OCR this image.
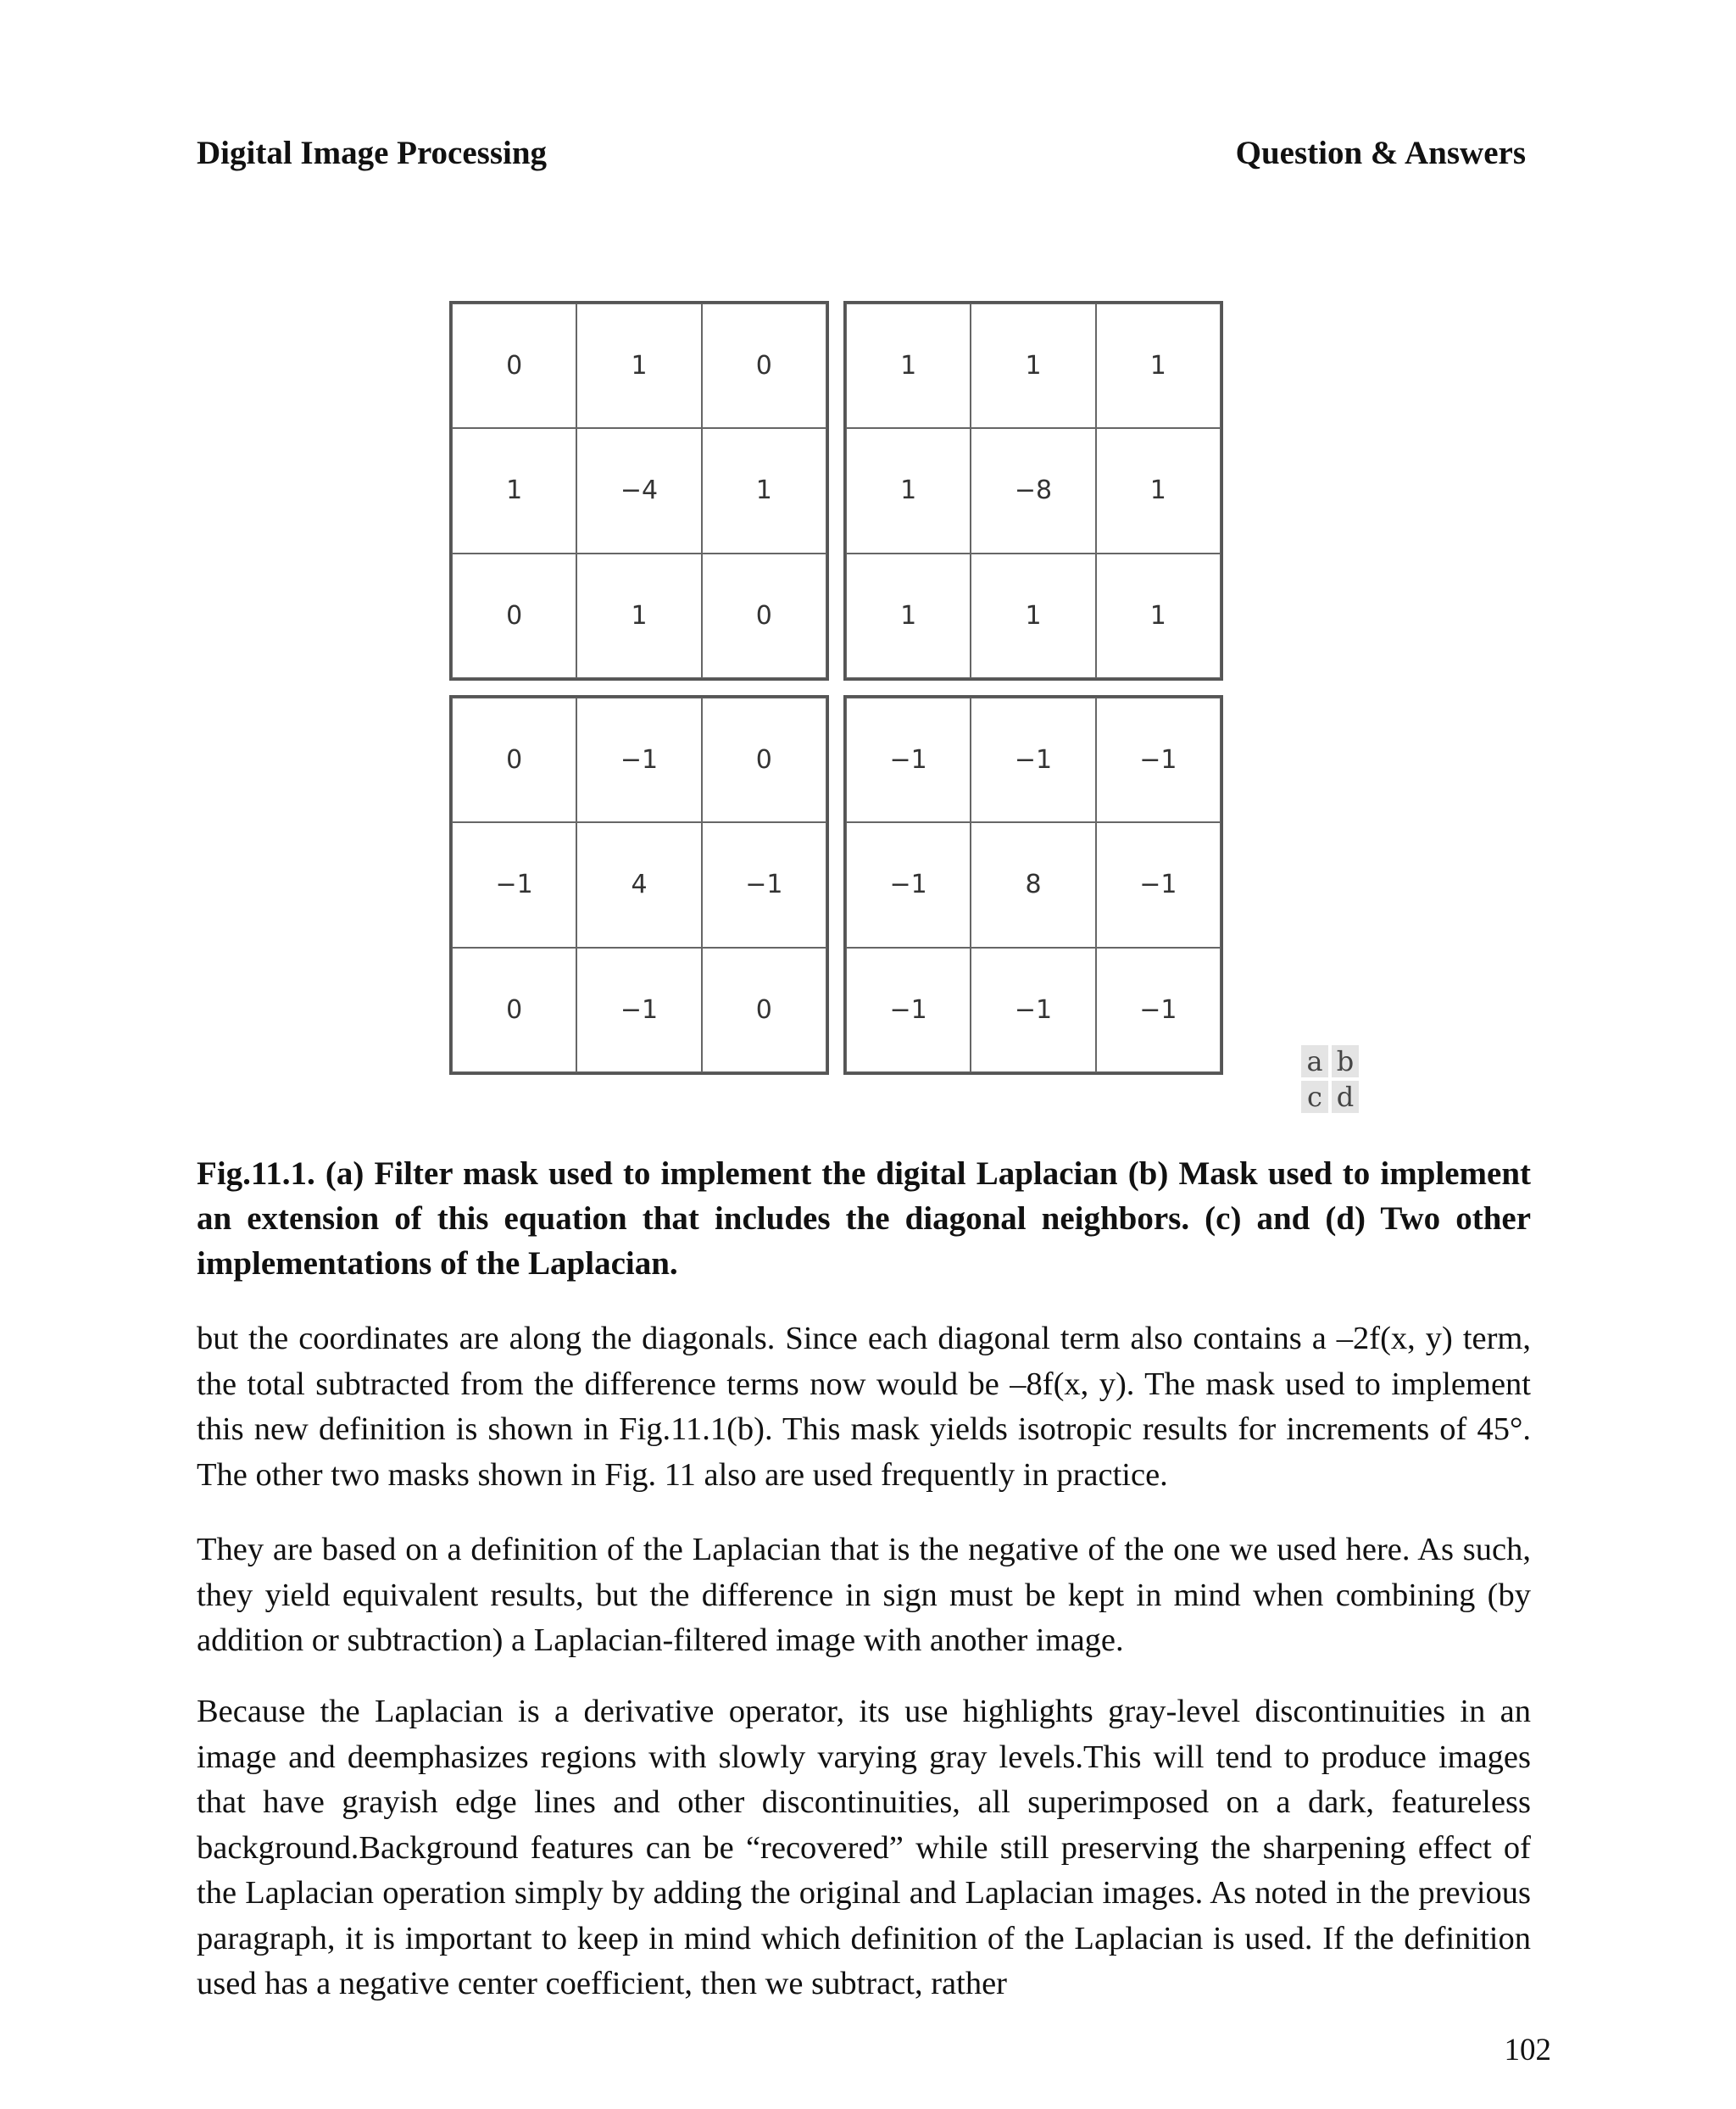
Digital Image Processing	Question & Answers
0	1	0
1	−4	1
0	1	0
1	1	1
1	−8	1
1	1	1
0	−1	0
−1	4	−1
0	−1	0
−1	−1	−1
−1	8	−1
−1	−1	−1
a b
c d
Fig.11.1. (a) Filter mask used to implement the digital Laplacian (b) Mask used to implement an extension of this equation that includes the diagonal neighbors. (c) and (d) Two other implementations of the Laplacian.

but the coordinates are along the diagonals. Since each diagonal term also contains a –2f(x, y) term, the total subtracted from the difference terms now would be –8f(x, y). The mask used to implement this new definition is shown in Fig.11.1(b). This mask yields isotropic results for increments of 45°. The other two masks shown in Fig. 11 also are used frequently in practice.

They are based on a definition of the Laplacian that is the negative of the one we used here. As such, they yield equivalent results, but the difference in sign must be kept in mind when combining (by addition or subtraction) a Laplacian-filtered image with another image.

Because the Laplacian is a derivative operator, its use highlights gray-level discontinuities in an image and deemphasizes regions with slowly varying gray levels.This will tend to produce images that have grayish edge lines and other discontinuities, all superimposed on a dark, featureless background.Background features can be “recovered” while still preserving the sharpening effect of the Laplacian operation simply by adding the original and Laplacian images. As noted in the previous paragraph, it is important to keep in mind which definition of the Laplacian is used. If the definition used has a negative center coefficient, then we subtract, rather

102
